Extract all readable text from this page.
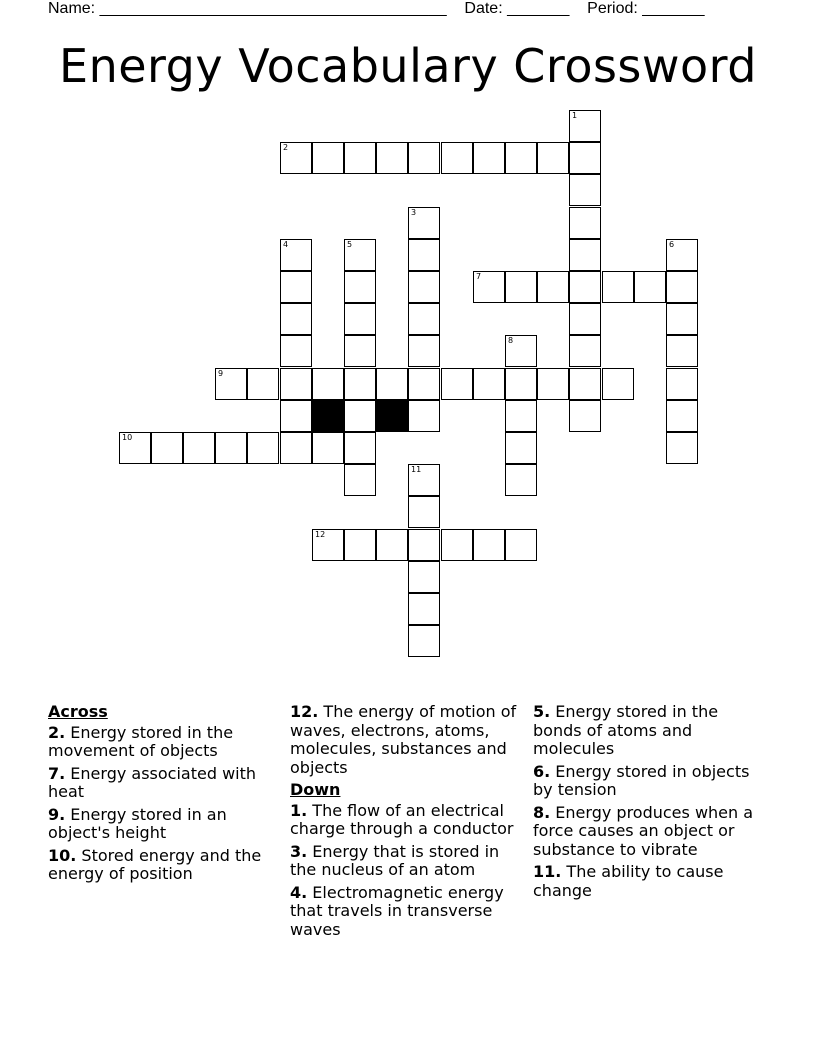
Name: _______________________________________    Date: _______    Period: _______
Energy Vocabulary Crossword
1
2
3
4	5	6
7
8
9
10
11
12
Across
2. Energy stored in the movement of objects
7. Energy associated with heat
9. Energy stored in an object's height
10. Stored energy and the energy of position
12. The energy of motion of waves, electrons, atoms, molecules, substances and objects
Down
1. The flow of an electrical charge through a conductor
3. Energy that is stored in the nucleus of an atom
4. Electromagnetic energy that travels in transverse waves
5. Energy stored in the bonds of atoms and molecules
6. Energy stored in objects by tension
8. Energy produces when a force causes an object or substance to vibrate
11. The ability to cause change
